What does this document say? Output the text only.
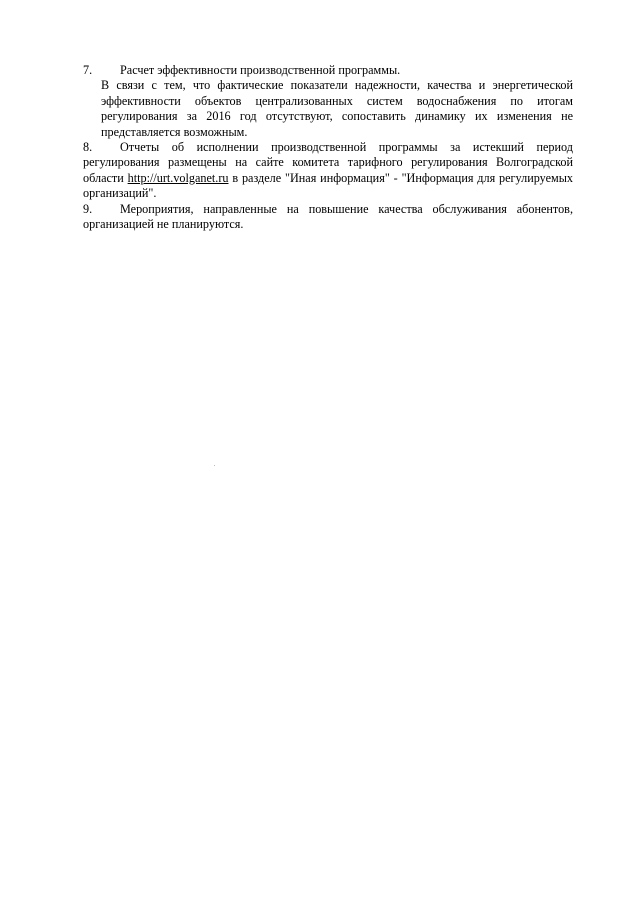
7.	Расчет эффективности производственной программы.

В связи с тем, что фактические показатели надежности, качества и энергетической эффективности объектов централизованных систем водоснабжения по итогам регулирования за 2016 год отсутствуют, сопоставить динамику их изменения не представляется возможным.

8.	Отчеты об исполнении производственной программы за истекший период регулирования размещены на сайте комитета тарифного регулирования Волгоградской области http://urt.volganet.ru в разделе "Иная информация" - "Информация для регулируемых организаций".

9.	Мероприятия, направленные на повышение качества обслуживания абонентов, организацией не планируются.
